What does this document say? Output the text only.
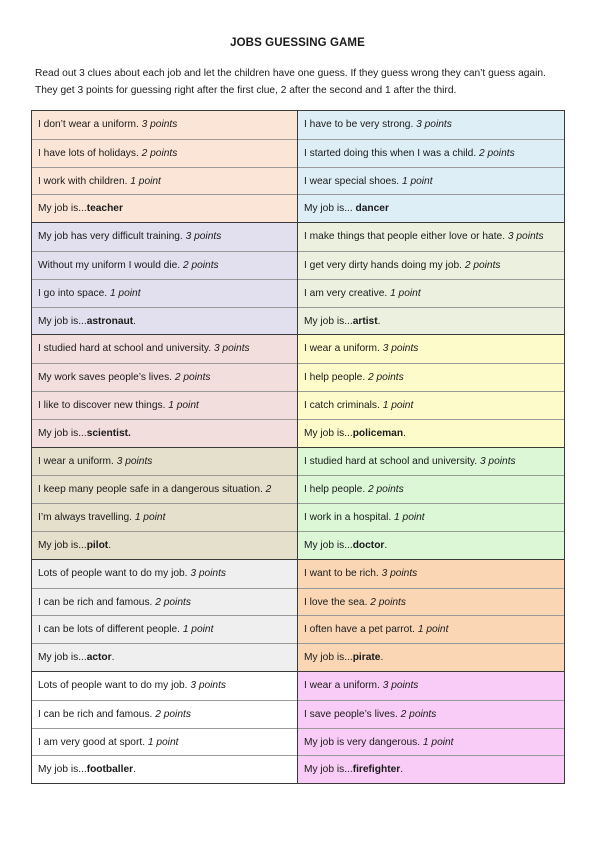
JOBS GUESSING GAME
Read out 3 clues about each job and let the children have one guess. If they guess wrong they can’t guess again. They get 3 points for guessing right after the first clue, 2 after the second and 1 after the third.
I don’t wear a uniform. 3 points
I have lots of holidays. 2 points
I work with children. 1 point
My job is...teacher
I have to be very strong. 3 points
I started doing this when I was a child. 2 points
I wear special shoes. 1 point
My job is... dancer
My job has very difficult training. 3 points
Without my uniform I would die. 2 points
I go into space. 1 point
My job is...astronaut.
I make things that people either love or hate. 3 points
I get very dirty hands doing my job. 2 points
I am very creative. 1 point
My job is...artist.
I studied hard at school and university. 3 points
My work saves people’s lives. 2 points
I like to discover new things. 1 point
My job is...scientist.
I wear a uniform. 3 points
I help people. 2 points
I catch criminals. 1 point
My job is...policeman.
I wear a uniform. 3 points
I keep many people safe in a dangerous situation. 2
I’m always travelling. 1 point
My job is...pilot.
I studied hard at school and university. 3 points
I help people. 2 points
I work in a hospital. 1 point
My job is...doctor.
Lots of people want to do my job. 3 points
I can be rich and famous. 2 points
I can be lots of different people. 1 point
My job is...actor.
I want to be rich. 3 points
I love the sea. 2 points
I often have a pet parrot. 1 point
My job is...pirate.
Lots of people want to do my job. 3 points
I can be rich and famous. 2 points
I am very good at sport. 1 point
My job is...footballer.
I wear a uniform. 3 points
I save people’s lives. 2 points
My job is very dangerous. 1 point
My job is...firefighter.
